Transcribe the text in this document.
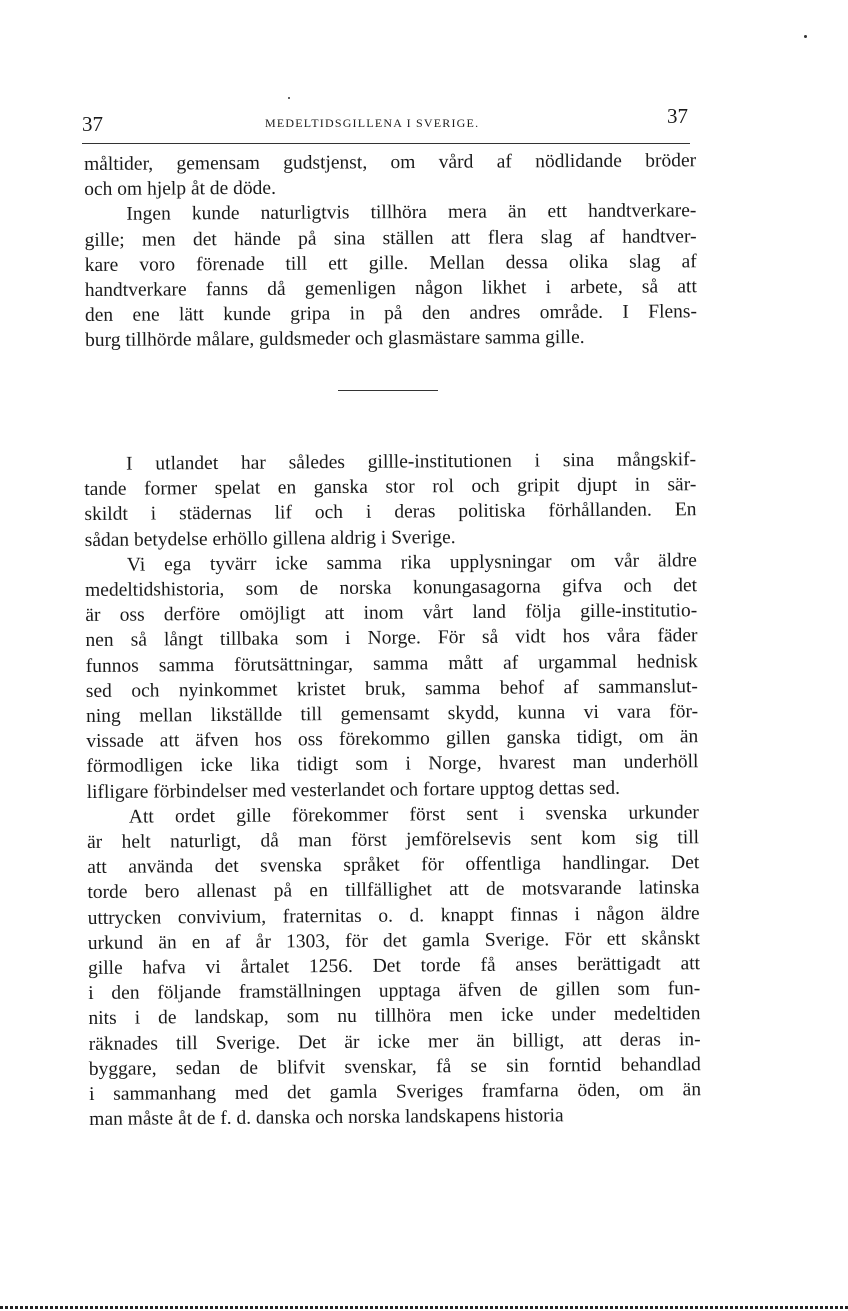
37	MEDELTIDSGILLENA I SVERIGE.	37
måltider, gemensam gudstjenst, om vård af nödlidande bröder
och om hjelp åt de döde.
Ingen kunde naturligtvis tillhöra mera än ett handtverkare-
gille; men det hände på sina ställen att flera slag af handtver-
kare voro förenade till ett gille. Mellan dessa olika slag af
handtverkare fanns då gemenligen någon likhet i arbete, så att
den ene lätt kunde gripa in på den andres område. I Flens-
burg tillhörde målare, guldsmeder och glasmästare samma gille.
I utlandet har således gillle-institutionen i sina mångskif-
tande former spelat en ganska stor rol och gripit djupt in sär-
skildt i städernas lif och i deras politiska förhållanden. En
sådan betydelse erhöllo gillena aldrig i Sverige.
Vi ega tyvärr icke samma rika upplysningar om vår äldre
medeltidshistoria, som de norska konungasagorna gifva och det
är oss derföre omöjligt att inom vårt land följa gille-institutio-
nen så långt tillbaka som i Norge. För så vidt hos våra fäder
funnos samma förutsättningar, samma mått af urgammal hednisk
sed och nyinkommet kristet bruk, samma behof af sammanslut-
ning mellan likställde till gemensamt skydd, kunna vi vara för-
vissade att äfven hos oss förekommo gillen ganska tidigt, om än
förmodligen icke lika tidigt som i Norge, hvarest man underhöll
lifligare förbindelser med vesterlandet och fortare upptog dettas sed.
Att ordet gille förekommer först sent i svenska urkunder
är helt naturligt, då man först jemförelsevis sent kom sig till
att använda det svenska språket för offentliga handlingar. Det
torde bero allenast på en tillfällighet att de motsvarande latinska
uttrycken convivium, fraternitas o. d. knappt finnas i någon äldre
urkund än en af år 1303, för det gamla Sverige. För ett skånskt
gille hafva vi årtalet 1256. Det torde få anses berättigadt att
i den följande framställningen upptaga äfven de gillen som fun-
nits i de landskap, som nu tillhöra men icke under medeltiden
räknades till Sverige. Det är icke mer än billigt, att deras in-
byggare, sedan de blifvit svenskar, få se sin forntid behandlad
i sammanhang med det gamla Sveriges framfarna öden, om än
man måste åt de f. d. danska och norska landskapens historia
